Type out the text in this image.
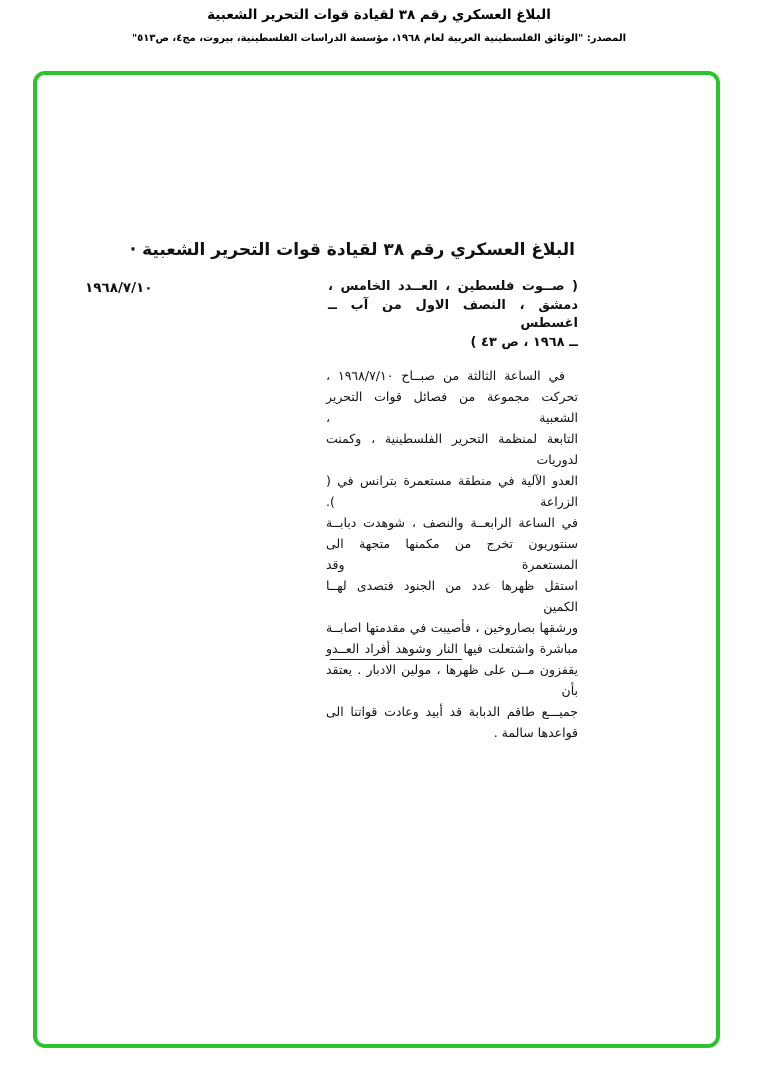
البلاغ العسكري رقم ٣٨ لقيادة قوات التحرير الشعبية
المصدر: "الوثائق الفلسطينية العربية لعام ١٩٦٨، مؤسسة الدراسات الفلسطينية، بيروت، مج٤، ص٥١٣"
البلاغ العسكري رقم ٣٨ لقيادة قوات التحرير الشعبية ·
١٩٦٨/٧/١٠	( صــوت فلسطين ، العــدد الخامس ،
دمشق ، النصف الاول من آب ــ اغسطس
ــ ١٩٦٨ ، ص ٤٣ )
في الساعة الثالثة من صبــاح ١٩٦٨/٧/١٠ ،
تحركت مجموعة من فصائل قوات التحرير الشعبية ،
التابعة لمنظمة التحرير الفلسطينية ، وكمنت لدوريات
العدو الآلية في منطقة مستعمرة بترانس في ( الزراعة ).
في الساعة الرابعــة والنصف ، شوهدت دبابــة
سنتوريون تخرج من مكمنها متجهة الى المستعمرة وقد
استقل ظهرها عدد من الجنود فتصدى لهــا الكمين
ورشقها بصاروخين ، فأصيبت في مقدمتها اصابــة
مباشرة واشتعلت فيها النار وشوهد أفراد العــدو
يقفزون مــن على ظهرها ، مولين الادبار . يعتقد بأن
جميـــع طاقم الدبابة قد أبيد وعادت قواتنا الى
قواعدها سالمة .
